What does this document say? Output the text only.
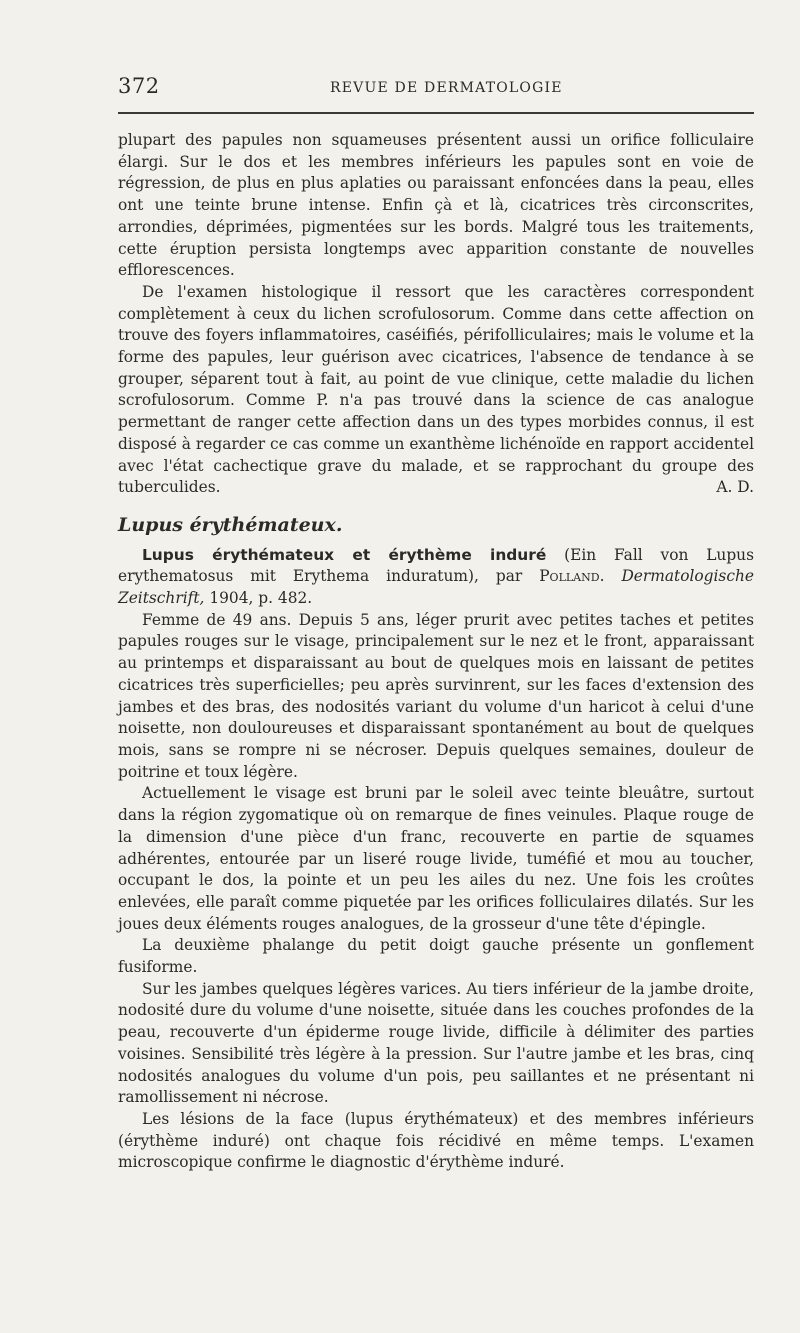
372	REVUE DE DERMATOLOGIE

plupart des papules non squameuses présentent aussi un orifice folliculaire élargi. Sur le dos et les membres inférieurs les papules sont en voie de régression, de plus en plus aplaties ou paraissant enfoncées dans la peau, elles ont une teinte brune intense. Enfin çà et là, cicatrices très circonscrites, arrondies, déprimées, pigmentées sur les bords. Malgré tous les traitements, cette éruption persista longtemps avec apparition constante de nouvelles efflorescences.

De l'examen histologique il ressort que les caractères correspondent complètement à ceux du lichen scrofulosorum. Comme dans cette affection on trouve des foyers inflammatoires, caséifiés, périfolliculaires; mais le volume et la forme des papules, leur guérison avec cicatrices, l'absence de tendance à se grouper, séparent tout à fait, au point de vue clinique, cette maladie du lichen scrofulosorum. Comme P. n'a pas trouvé dans la science de cas analogue permettant de ranger cette affection dans un des types morbides connus, il est disposé à regarder ce cas comme un exanthème lichénoïde en rapport accidentel avec l'état cachectique grave du malade, et se rapprochant du groupe des tuberculides.	A. D.

Lupus érythémateux.

Lupus érythémateux et érythème induré (Ein Fall von Lupus erythematosus mit Erythema induratum), par Polland. Dermatologische Zeitschrift, 1904, p. 482.

Femme de 49 ans. Depuis 5 ans, léger prurit avec petites taches et petites papules rouges sur le visage, principalement sur le nez et le front, apparaissant au printemps et disparaissant au bout de quelques mois en laissant de petites cicatrices très superficielles; peu après survinrent, sur les faces d'extension des jambes et des bras, des nodosités variant du volume d'un haricot à celui d'une noisette, non douloureuses et disparaissant spontanément au bout de quelques mois, sans se rompre ni se nécroser. Depuis quelques semaines, douleur de poitrine et toux légère.

Actuellement le visage est bruni par le soleil avec teinte bleuâtre, surtout dans la région zygomatique où on remarque de fines veinules. Plaque rouge de la dimension d'une pièce d'un franc, recouverte en partie de squames adhérentes, entourée par un liseré rouge livide, tuméfié et mou au toucher, occupant le dos, la pointe et un peu les ailes du nez. Une fois les croûtes enlevées, elle paraît comme piquetée par les orifices folliculaires dilatés. Sur les joues deux éléments rouges analogues, de la grosseur d'une tête d'épingle.

La deuxième phalange du petit doigt gauche présente un gonflement fusiforme.

Sur les jambes quelques légères varices. Au tiers inférieur de la jambe droite, nodosité dure du volume d'une noisette, située dans les couches profondes de la peau, recouverte d'un épiderme rouge livide, difficile à délimiter des parties voisines. Sensibilité très légère à la pression. Sur l'autre jambe et les bras, cinq nodosités analogues du volume d'un pois, peu saillantes et ne présentant ni ramollissement ni nécrose.

Les lésions de la face (lupus érythémateux) et des membres inférieurs (érythème induré) ont chaque fois récidivé en même temps. L'examen microscopique confirme le diagnostic d'érythème induré.
